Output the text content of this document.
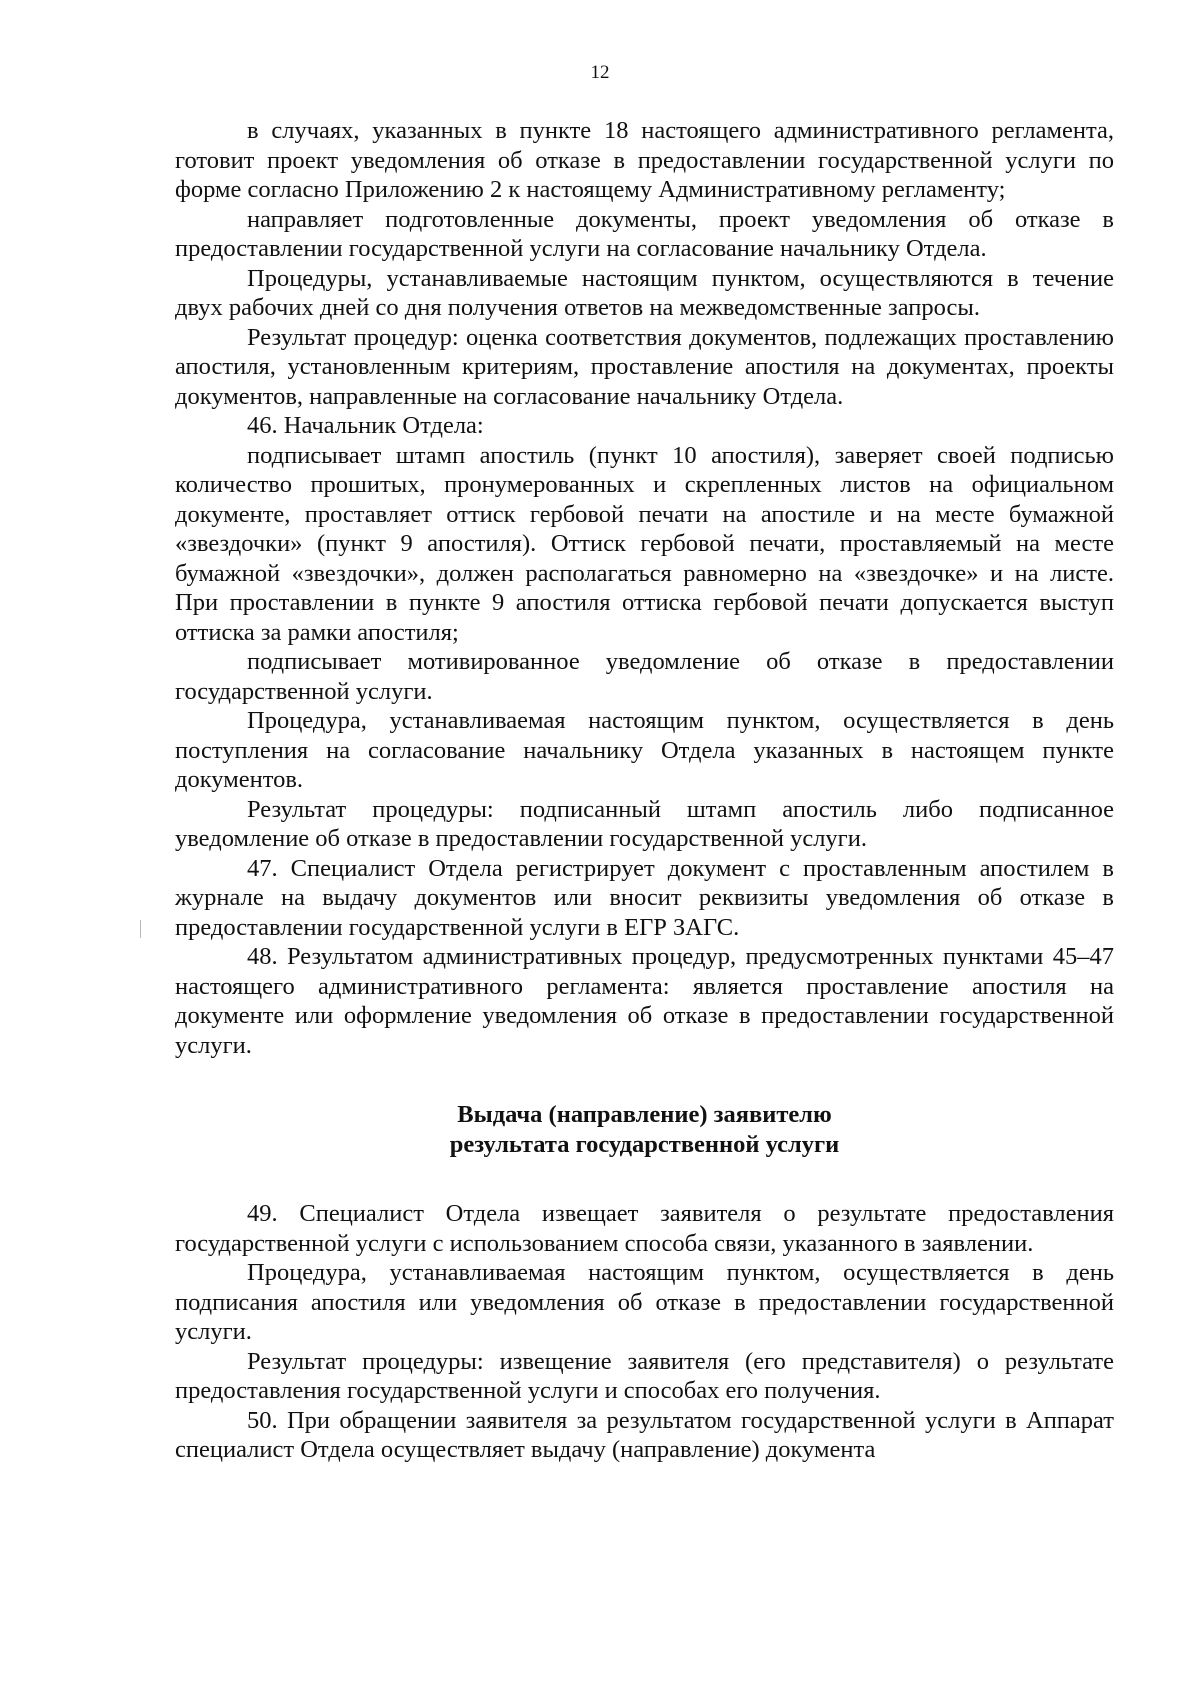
12

в случаях, указанных в пункте 18 настоящего административного регламента, готовит проект уведомления об отказе в предоставлении государственной услуги по форме согласно Приложению 2 к настоящему Административному регламенту;

направляет подготовленные документы, проект уведомления об отказе в предоставлении государственной услуги на согласование начальнику Отдела.

Процедуры, устанавливаемые настоящим пунктом, осуществляются в течение двух рабочих дней со дня получения ответов на межведомственные запросы.

Результат процедур: оценка соответствия документов, подлежащих проставлению апостиля, установленным критериям, проставление апостиля на документах, проекты документов, направленные на согласование начальнику Отдела.

46. Начальник Отдела:

подписывает штамп апостиль (пункт 10 апостиля), заверяет своей подписью количество прошитых, пронумерованных и скрепленных листов на официальном документе, проставляет оттиск гербовой печати на апостиле и на месте бумажной «звездочки» (пункт 9 апостиля). Оттиск гербовой печати, проставляемый на месте бумажной «звездочки», должен располагаться равномерно на «звездочке» и на листе. При проставлении в пункте 9 апостиля оттиска гербовой печати допускается выступ оттиска за рамки апостиля;

подписывает мотивированное уведомление об отказе в предоставлении государственной услуги.

Процедура, устанавливаемая настоящим пунктом, осуществляется в день поступления на согласование начальнику Отдела указанных в настоящем пункте документов.

Результат процедуры: подписанный штамп апостиль либо подписанное уведомление об отказе в предоставлении государственной услуги.

47. Специалист Отдела регистрирует документ с проставленным апостилем в журнале на выдачу документов или вносит реквизиты уведомления об отказе в предоставлении государственной услуги в ЕГР ЗАГС.

48. Результатом административных процедур, предусмотренных пунктами 45–47 настоящего административного регламента: является проставление апостиля на документе или оформление уведомления об отказе в предоставлении государственной услуги.

Выдача (направление) заявителю
результата государственной услуги

49. Специалист Отдела извещает заявителя о результате предоставления государственной услуги с использованием способа связи, указанного в заявлении.

Процедура, устанавливаемая настоящим пунктом, осуществляется в день подписания апостиля или уведомления об отказе в предоставлении государственной услуги.

Результат процедуры: извещение заявителя (его представителя) о результате предоставления государственной услуги и способах его получения.

50. При обращении заявителя за результатом государственной услуги в Аппарат специалист Отдела осуществляет выдачу (направление) документа
